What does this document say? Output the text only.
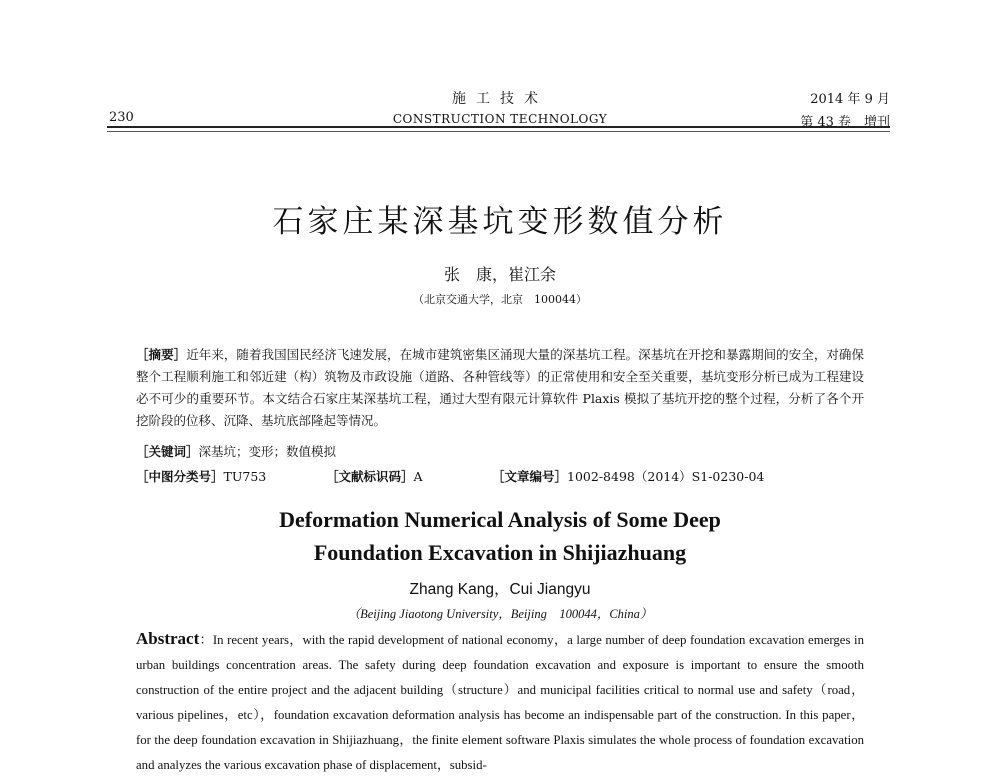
230
施工技术
CONSTRUCTION TECHNOLOGY
2014 年 9 月
第 43 卷　增刊
石家庄某深基坑变形数值分析
张　康，崔江余
（北京交通大学，北京　100044）
［摘要］近年来，随着我国国民经济飞速发展，在城市建筑密集区涌现大量的深基坑工程。深基坑在开挖和暴露期间的安全，对确保整个工程顺利施工和邻近建（构）筑物及市政设施（道路、各种管线等）的正常使用和安全至关重要，基坑变形分析已成为工程建设必不可少的重要环节。本文结合石家庄某深基坑工程，通过大型有限元计算软件 Plaxis 模拟了基坑开挖的整个过程，分析了各个开挖阶段的位移、沉降、基坑底部隆起等情况。
［关键词］深基坑；变形；数值模拟
［中图分类号］TU753	［文献标识码］A	［文章编号］1002-8498（2014）S1-0230-04
Deformation Numerical Analysis of Some Deep
Foundation Excavation in Shijiazhuang
Zhang Kang，Cui Jiangyu
（Beijing Jiaotong University，Beijing　100044，China）
Abstract：In recent years，with the rapid development of national economy，a large number of deep foundation excavation emerges in urban buildings concentration areas. The safety during deep foundation excavation and exposure is important to ensure the smooth construction of the entire project and the adjacent building（structure）and municipal facilities critical to normal use and safety（road，various pipelines，etc），foundation excavation deformation analysis has become an indispensable part of the construction. In this paper，for the deep foundation excavation in Shijiazhuang，the finite element software Plaxis simulates the whole process of foundation excavation and analyzes the various excavation phase of displacement，subsid-
